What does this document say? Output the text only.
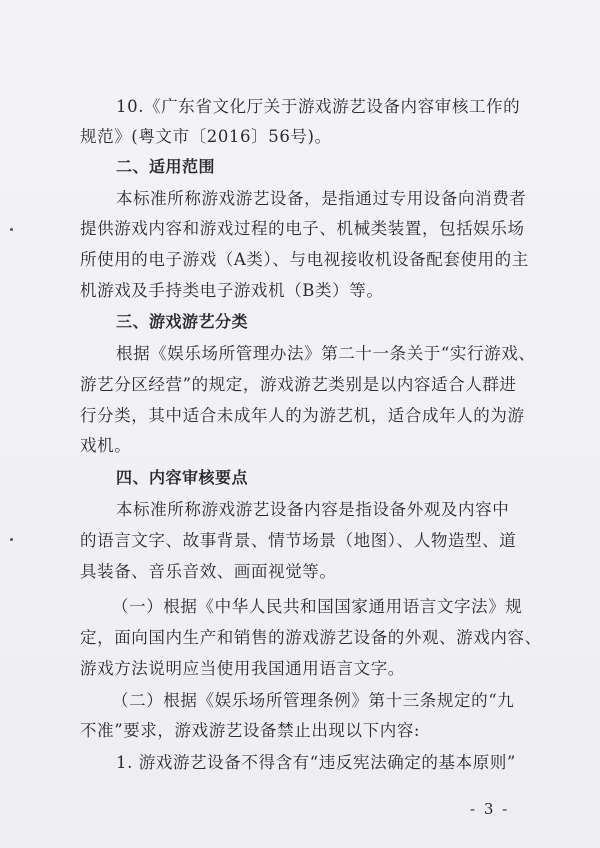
10.《广东省文化厅关于游戏游艺设备内容审核工作的
规范》(粤文市〔2016〕56号)。
二、适用范围
本标准所称游戏游艺设备，是指通过专用设备向消费者
提供游戏内容和游戏过程的电子、机械类装置，包括娱乐场
所使用的电子游戏（A类）、与电视接收机设备配套使用的主
机游戏及手持类电子游戏机（B类）等。
三、游戏游艺分类
根据《娱乐场所管理办法》第二十一条关于“实行游戏、
游艺分区经营”的规定，游戏游艺类别是以内容适合人群进
行分类，其中适合未成年人的为游艺机，适合成年人的为游
戏机。
四、内容审核要点
本标准所称游戏游艺设备内容是指设备外观及内容中
的语言文字、故事背景、情节场景（地图）、人物造型、道
具装备、音乐音效、画面视觉等。
（一）根据《中华人民共和国国家通用语言文字法》规
定，面向国内生产和销售的游戏游艺设备的外观、游戏内容、
游戏方法说明应当使用我国通用语言文字。
（二）根据《娱乐场所管理条例》第十三条规定的“九
不准”要求，游戏游艺设备禁止出现以下内容:
1. 游戏游艺设备不得含有“违反宪法确定的基本原则”
- 3 -
